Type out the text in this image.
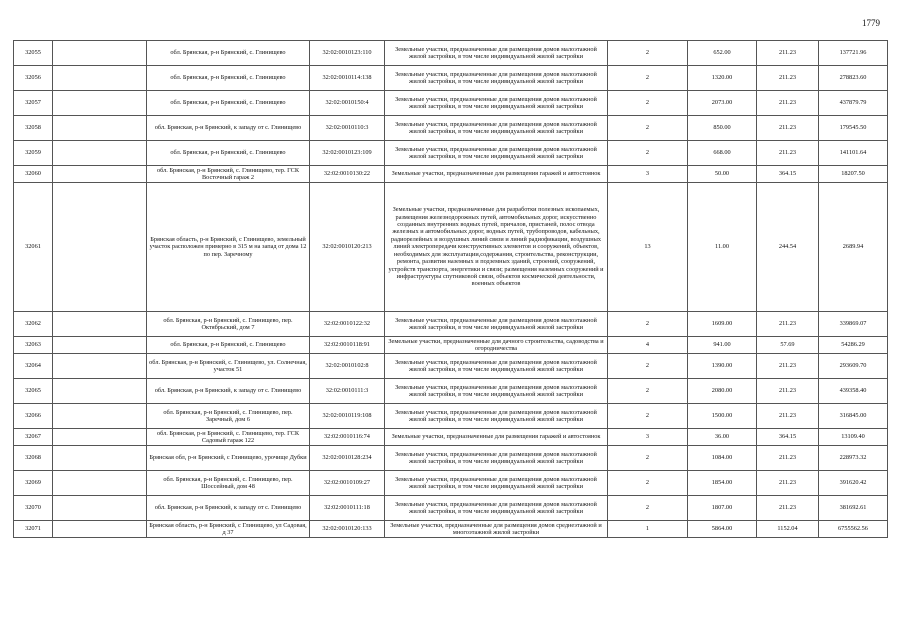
1779
32055		обл. Брянская, р-н Брянский, с. Глинищево	32:02:0010123:110	Земельные участки, предназначенные для размещения домов малоэтажной жилой застройки, в том числе индивидуальной жилой застройки	2	652.00	211.23	137721.96
32056		обл. Брянская, р-н Брянский, с. Глинищево	32:02:0010114:138	Земельные участки, предназначенные для размещения домов малоэтажной жилой застройки, в том числе индивидуальной жилой застройки	2	1320.00	211.23	278823.60
32057		обл. Брянская, р-н Брянский, с. Глинищево	32:02:0010150:4	Земельные участки, предназначенные для размещения домов малоэтажной жилой застройки, в том числе индивидуальной жилой застройки	2	2073.00	211.23	437879.79
32058		обл. Брянская, р-н Брянский, к западу от с. Глинищево	32:02:0010110:3	Земельные участки, предназначенные для размещения домов малоэтажной жилой застройки, в том числе индивидуальной жилой застройки	2	850.00	211.23	179545.50
32059		обл. Брянская, р-н Брянский, с. Глинищево	32:02:0010123:109	Земельные участки, предназначенные для размещения домов малоэтажной жилой застройки, в том числе индивидуальной жилой застройки	2	668.00	211.23	141101.64
32060		обл. Брянская, р-н Брянский, с. Глинищево, тер. ГСК Восточный гараж 2	32:02:0010130:22	Земельные участки, предназначенные для размещения гаражей и автостоянок	3	50.00	364.15	18207.50
32061		Брянская область, р-н Брянский, с Глинищево, земельный участок расположен примерно в 315 м на запад от дома 12 по пер. Заречному	32:02:0010120:213	Земельные участки, предназначенные для разработки полезных ископаемых, размещения железнодорожных путей, автомобильных дорог, искусственно созданных внутренних водных путей, причалов, пристаней, полос отвода железных и автомобильных дорог, водных путей, трубопроводов, кабельных, радиорелейных и воздушных линий связи и линий радиофикации, воздушных линий электропередачи конструктивных элементов и сооружений, объектов, необходимых для эксплуатации,содержания, строительства, реконструкции, ремонта, развития наземных и подземных зданий, строений, сооружений, устройств транспорта, энергетики и связи; размещения наземных сооружений и инфраструктуры спутниковой связи, объектов космической деятельности, военных объектов	13	11.00	244.54	2689.94
32062		обл. Брянская, р-н Брянский, с. Глинищево, пер. Октябрьский, дом 7	32:02:0010122:32	Земельные участки, предназначенные для размещения домов малоэтажной жилой застройки, в том числе индивидуальной жилой застройки	2	1609.00	211.23	339869.07
32063		обл. Брянская, р-н Брянский, с. Глинищево	32:02:0010118:91	Земельные участки, предназначенные для дачного строительства, садоводства и огородничества	4	941.00	57.69	54286.29
32064		обл. Брянская, р-н Брянский, с. Глинищево, ул. Солнечная, участок 51	32:02:0010102:8	Земельные участки, предназначенные для размещения домов малоэтажной жилой застройки, в том числе индивидуальной жилой застройки	2	1390.00	211.23	293609.70
32065		обл. Брянская, р-н Брянский, к западу от с. Глинищево	32:02:0010111:3	Земельные участки, предназначенные для размещения домов малоэтажной жилой застройки, в том числе индивидуальной жилой застройки	2	2080.00	211.23	439358.40
32066		обл. Брянская, р-н Брянский, с. Глинищево, пер. Заречный, дом 6	32:02:0010119:108	Земельные участки, предназначенные для размещения домов малоэтажной жилой застройки, в том числе индивидуальной жилой застройки	2	1500.00	211.23	316845.00
32067		обл. Брянская, р-н Брянский, с. Глинищево, тер. ГСК Садовый гараж 122	32:02:0010116:74	Земельные участки, предназначенные для размещения гаражей и автостоянок	3	36.00	364.15	13109.40
32068		Брянская обл, р-н Брянский, с Глинищево, урочище Дубки	32:02:0010128:234	Земельные участки, предназначенные для размещения домов малоэтажной жилой застройки, в том числе индивидуальной жилой застройки	2	1084.00	211.23	228973.32
32069		обл. Брянская, р-н Брянский, с. Глинищево, пер. Шоссейный, дом 48	32:02:0010109:27	Земельные участки, предназначенные для размещения домов малоэтажной жилой застройки, в том числе индивидуальной жилой застройки	2	1854.00	211.23	391620.42
32070		обл. Брянская, р-н Брянский, к западу от с. Глинищево	32:02:0010111:18	Земельные участки, предназначенные для размещения домов малоэтажной жилой застройки, в том числе индивидуальной жилой застройки	2	1807.00	211.23	381692.61
32071		Брянская область, р-н Брянский, с Глинищево, ул Садовая, д 37	32:02:0010120:133	Земельные участки, предназначенные для размещения домов среднеэтажной и многоэтажной жилой застройки	1	5864.00	1152.04	6755562.56
